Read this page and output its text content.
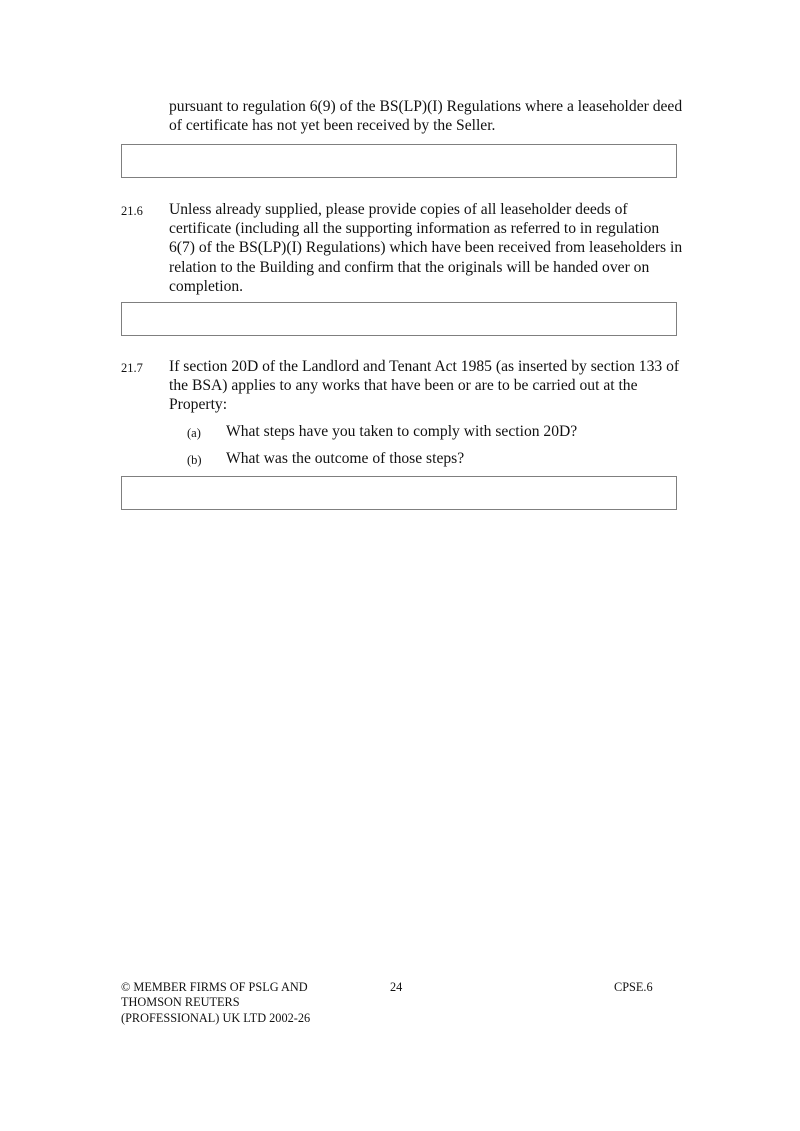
pursuant to regulation 6(9) of the BS(LP)(I) Regulations where a leaseholder deed of certificate has not yet been received by the Seller.
21.6 Unless already supplied, please provide copies of all leaseholder deeds of certificate (including all the supporting information as referred to in regulation 6(7) of the BS(LP)(I) Regulations) which have been received from leaseholders in relation to the Building and confirm that the originals will be handed over on completion.
21.7 If section 20D of the Landlord and Tenant Act 1985 (as inserted by section 133 of the BSA) applies to any works that have been or are to be carried out at the Property:
(a) What steps have you taken to comply with section 20D?
(b) What was the outcome of those steps?
© MEMBER FIRMS OF PSLG AND THOMSON REUTERS (PROFESSIONAL) UK LTD 2002-26
24	CPSE.6
